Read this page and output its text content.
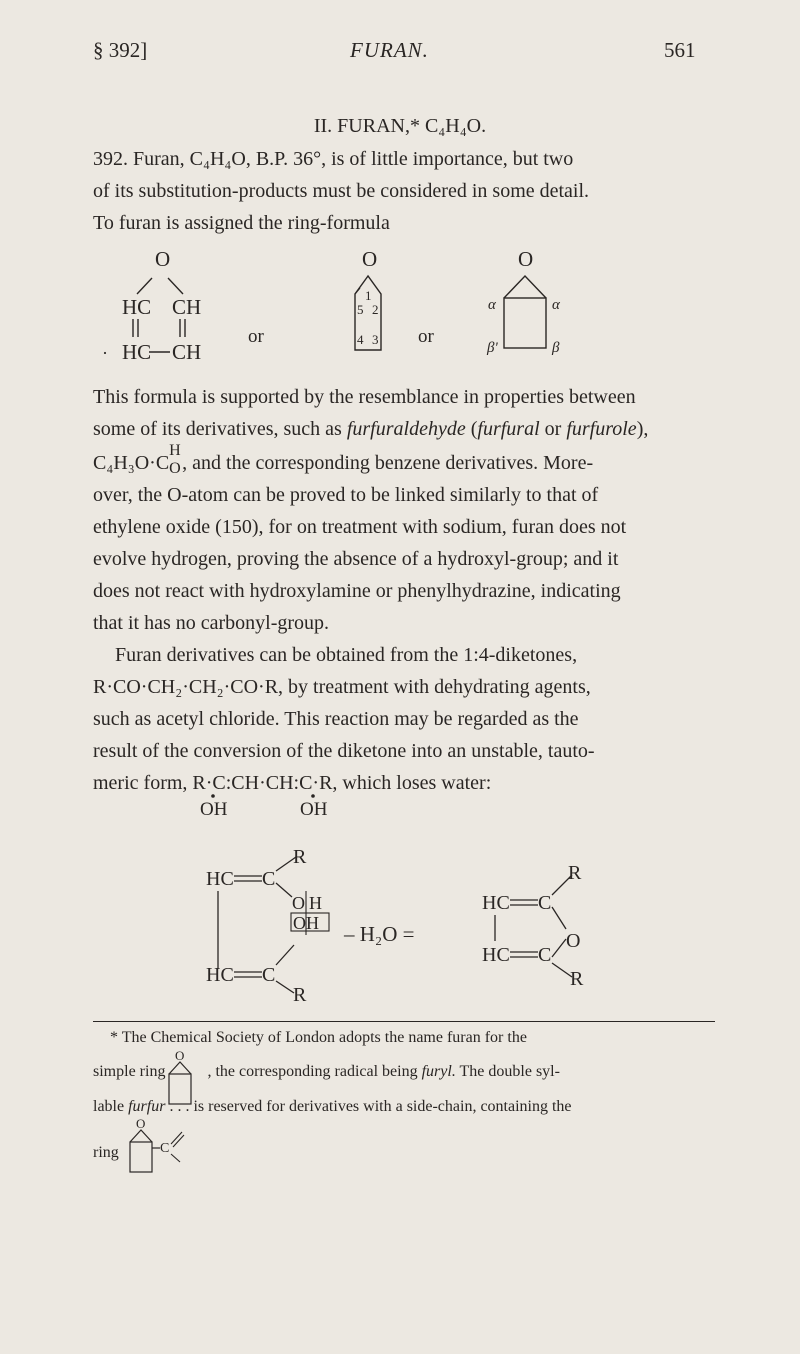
§ 392]	FURAN.	561
II. FURAN,* C₄H₄O.
392. Furan, C₄H₄O, B.P. 36°, is of little importance, but two
of its substitution-products must be considered in some detail.
To furan is assigned the ring-formula
O
HC CH
HC CH
·
or
O
1
2
3
4
5
or
O
α	α
β'	β
This formula is supported by the resemblance in properties between
some of its derivatives, such as furfuraldehyde (furfural or furfurole),
C₄H₃O·C
H
O , and the corresponding benzene derivatives. More-
over, the O-atom can be proved to be linked similarly to that of
ethylene oxide (150), for on treatment with sodium, furan does not
evolve hydrogen, proving the absence of a hydroxyl-group; and it
does not react with hydroxylamine or phenylhydrazine, indicating
that it has no carbonyl-group.
Furan derivatives can be obtained from the 1:4-diketones,
R·CO·CH₂·CH₂·CO·R, by treatment with dehydrating agents,
such as acetyl chloride. This reaction may be regarded as the
result of the conversion of the diketone into an unstable, tauto-
meric form, R·C:CH·CH:C·R, which loses water:
OH	OH
HC C
R
O H
OH
HC C
R
– H₂O =
HC C
R
O
HC C
R
* The Chemical Society of London adopts the name furan for the
O
simple ring	, the corresponding radical being furyl. The double syl-
lable furfur . . . is reserved for derivatives with a side-chain, containing the
O
C
ring
